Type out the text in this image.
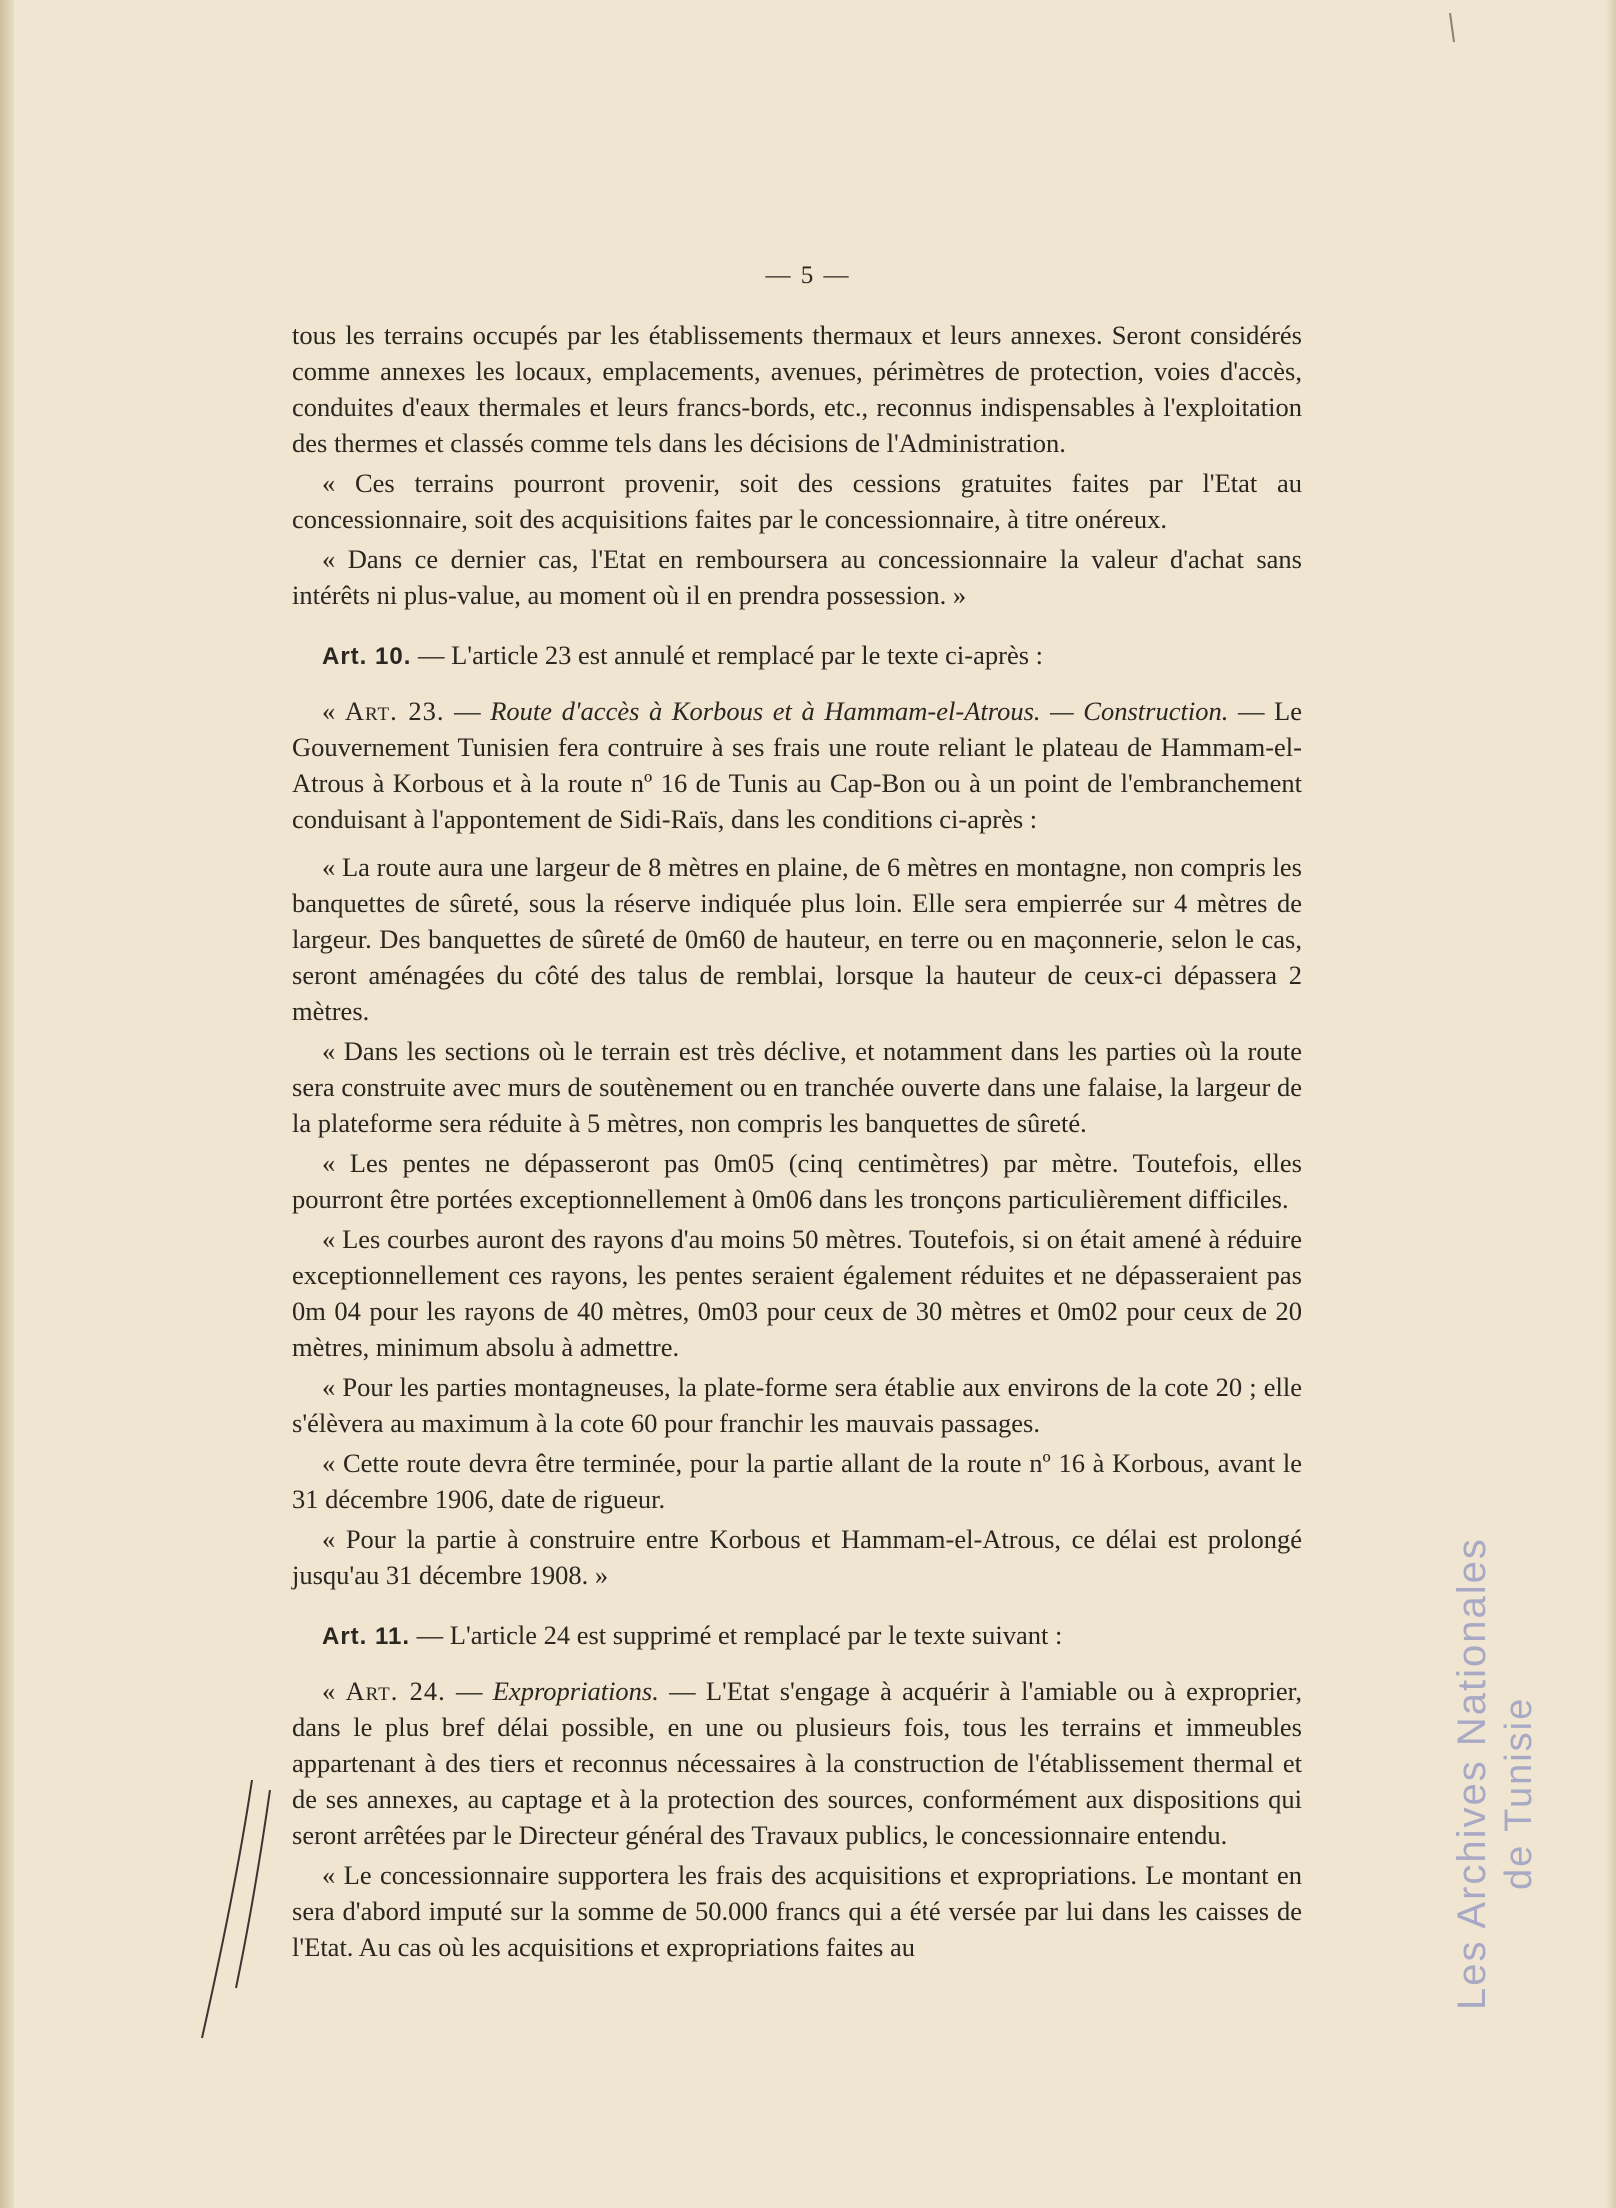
— 5 —

tous les terrains occupés par les établissements thermaux et leurs annexes. Seront considérés comme annexes les locaux, emplacements, avenues, périmètres de protection, voies d'accès, conduites d'eaux thermales et leurs francs-bords, etc., reconnus indispensables à l'exploitation des thermes et classés comme tels dans les décisions de l'Administration.

« Ces terrains pourront provenir, soit des cessions gratuites faites par l'Etat au concessionnaire, soit des acquisitions faites par le concessionnaire, à titre onéreux.

« Dans ce dernier cas, l'Etat en remboursera au concessionnaire la valeur d'achat sans intérêts ni plus-value, au moment où il en prendra possession. »

Art. 10. — L'article 23 est annulé et remplacé par le texte ci-après :

« Art. 23. — Route d'accès à Korbous et à Hammam-el-Atrous. — Construction. — Le Gouvernement Tunisien fera contruire à ses frais une route reliant le plateau de Hammam-el-Atrous à Korbous et à la route nº 16 de Tunis au Cap-Bon ou à un point de l'embranchement conduisant à l'appontement de Sidi-Raïs, dans les conditions ci-après :

« La route aura une largeur de 8 mètres en plaine, de 6 mètres en montagne, non compris les banquettes de sûreté, sous la réserve indiquée plus loin. Elle sera empierrée sur 4 mètres de largeur. Des banquettes de sûreté de 0m60 de hauteur, en terre ou en maçonnerie, selon le cas, seront aménagées du côté des talus de remblai, lorsque la hauteur de ceux-ci dépassera 2 mètres.

« Dans les sections où le terrain est très déclive, et notamment dans les parties où la route sera construite avec murs de soutènement ou en tranchée ouverte dans une falaise, la largeur de la plateforme sera réduite à 5 mètres, non compris les banquettes de sûreté.

« Les pentes ne dépasseront pas 0m05 (cinq centimètres) par mètre. Toutefois, elles pourront être portées exceptionnellement à 0m06 dans les tronçons particulièrement difficiles.

« Les courbes auront des rayons d'au moins 50 mètres. Toutefois, si on était amené à réduire exceptionnellement ces rayons, les pentes seraient également réduites et ne dépasseraient pas 0m 04 pour les rayons de 40 mètres, 0m03 pour ceux de 30 mètres et 0m02 pour ceux de 20 mètres, minimum absolu à admettre.

« Pour les parties montagneuses, la plate-forme sera établie aux environs de la cote 20 ; elle s'élèvera au maximum à la cote 60 pour franchir les mauvais passages.

« Cette route devra être terminée, pour la partie allant de la route nº 16 à Korbous, avant le 31 décembre 1906, date de rigueur.

« Pour la partie à construire entre Korbous et Hammam-el-Atrous, ce délai est prolongé jusqu'au 31 décembre 1908. »

Art. 11. — L'article 24 est supprimé et remplacé par le texte suivant :

« Art. 24. — Expropriations. — L'Etat s'engage à acquérir à l'amiable ou à exproprier, dans le plus bref délai possible, en une ou plusieurs fois, tous les terrains et immeubles appartenant à des tiers et reconnus nécessaires à la construction de l'établissement thermal et de ses annexes, au captage et à la protection des sources, conformément aux dispositions qui seront arrêtées par le Directeur général des Travaux publics, le concessionnaire entendu.

« Le concessionnaire supportera les frais des acquisitions et expropriations. Le montant en sera d'abord imputé sur la somme de 50.000 francs qui a été versée par lui dans les caisses de l'Etat. Au cas où les acquisitions et expropriations faites au	Les Archives Nationales de Tunisie
